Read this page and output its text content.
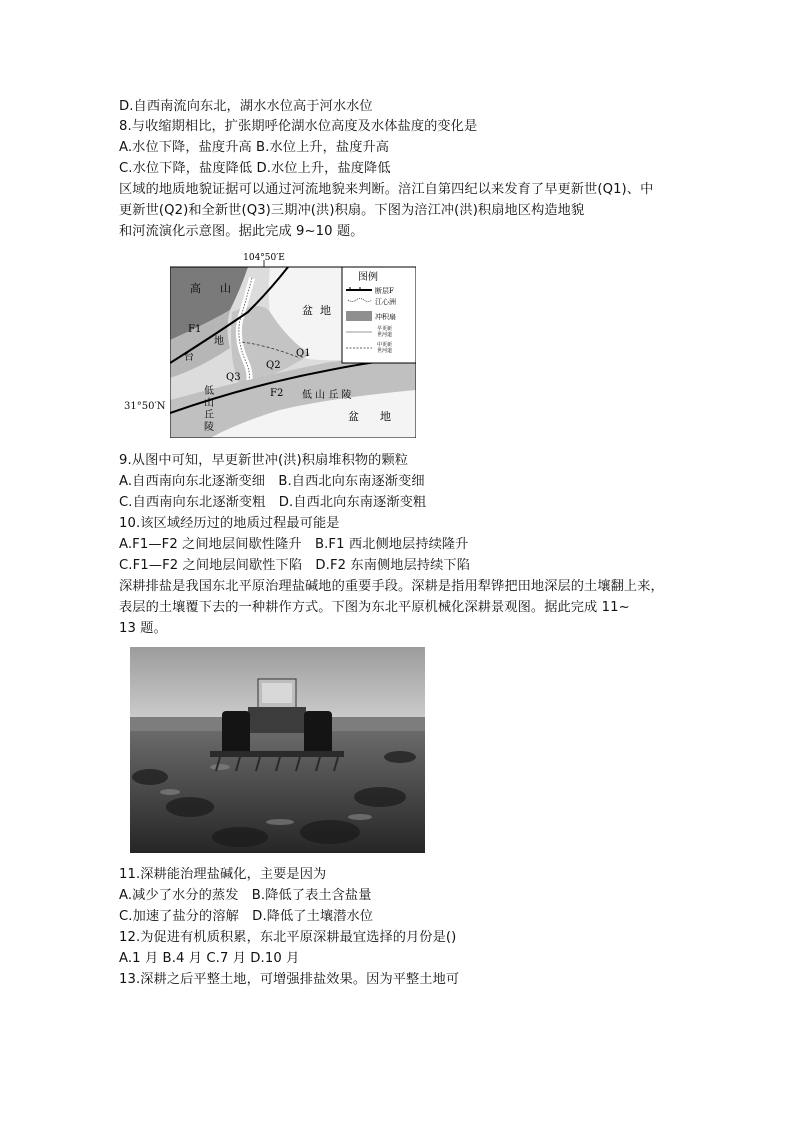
D.自西南流向东北，湖水水位高于河水水位
8.与收缩期相比，扩张期呼伦湖水位高度及水体盐度的变化是
A.水位下降，盐度升高 B.水位上升，盐度升高
C.水位下降，盐度降低 D.水位上升，盐度降低
区域的地质地貌证据可以通过河流地貌来判断。涪江自第四纪以来发育了早更新世(Q1)、中
更新世(Q2)和全新世(Q3)三期冲(洪)积扇。下图为涪江冲(洪)积扇地区构造地貌
和河流演化示意图。据此完成 9~10 题。
104°50′E
高 山
台
地
盆 地
低 山 丘 陵
低
山
丘
陵
盆 地
F1
F2
Q1
Q2
Q3
图例
断层F
江心洲
冲积扇
早更新
世河道
中更新
世河道
31°50′N
9.从图中可知，早更新世冲(洪)积扇堆积物的颗粒
A.自西南向东北逐渐变细　B.自西北向东南逐渐变细
C.自西南向东北逐渐变粗　D.自西北向东南逐渐变粗
10.该区域经历过的地质过程最可能是
A.F1—F2 之间地层间歇性隆升　B.F1 西北侧地层持续隆升
C.F1—F2 之间地层间歇性下陷　D.F2 东南侧地层持续下陷
深耕排盐是我国东北平原治理盐碱地的重要手段。深耕是指用犁铧把田地深层的土壤翻上来，
表层的土壤覆下去的一种耕作方式。下图为东北平原机械化深耕景观图。据此完成 11~
13 题。
11.深耕能治理盐碱化，主要是因为
A.减少了水分的蒸发　B.降低了表土含盐量
C.加速了盐分的溶解　D.降低了土壤潜水位
12.为促进有机质积累，东北平原深耕最宜选择的月份是()
A.1 月 B.4 月 C.7 月 D.10 月
13.深耕之后平整土地，可增强排盐效果。因为平整土地可
